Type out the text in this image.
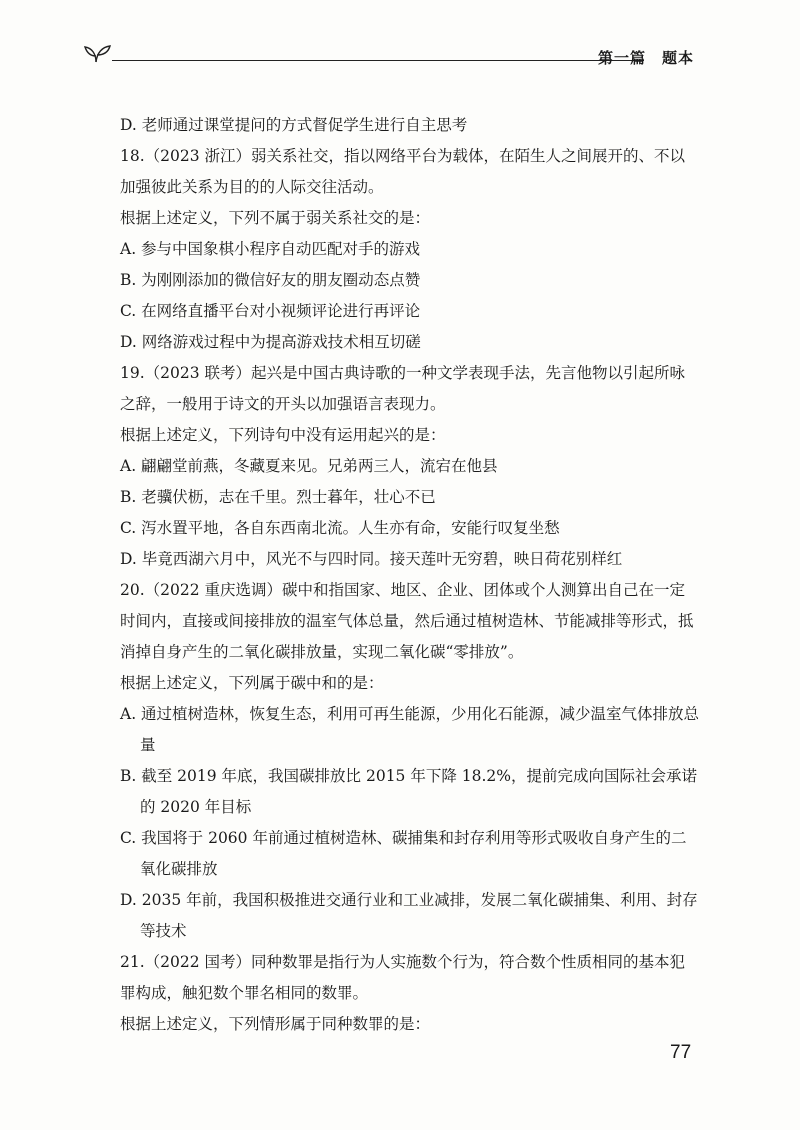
第一篇　题本
D. 老师通过课堂提问的方式督促学生进行自主思考
18.（2023 浙江）弱关系社交，指以网络平台为载体，在陌生人之间展开的、不以加强彼此关系为目的的人际交往活动。
根据上述定义，下列不属于弱关系社交的是：
A. 参与中国象棋小程序自动匹配对手的游戏
B. 为刚刚添加的微信好友的朋友圈动态点赞
C. 在网络直播平台对小视频评论进行再评论
D. 网络游戏过程中为提高游戏技术相互切磋
19.（2023 联考）起兴是中国古典诗歌的一种文学表现手法，先言他物以引起所咏之辞，一般用于诗文的开头以加强语言表现力。
根据上述定义，下列诗句中没有运用起兴的是：
A. 翩翩堂前燕，冬藏夏来见。兄弟两三人，流宕在他县
B. 老骥伏枥，志在千里。烈士暮年，壮心不已
C. 泻水置平地，各自东西南北流。人生亦有命，安能行叹复坐愁
D. 毕竟西湖六月中，风光不与四时同。接天莲叶无穷碧，映日荷花别样红
20.（2022 重庆选调）碳中和指国家、地区、企业、团体或个人测算出自己在一定时间内，直接或间接排放的温室气体总量，然后通过植树造林、节能减排等形式，抵消掉自身产生的二氧化碳排放量，实现二氧化碳“零排放”。
根据上述定义，下列属于碳中和的是：
A. 通过植树造林，恢复生态，利用可再生能源，少用化石能源，减少温室气体排放总量
B. 截至 2019 年底，我国碳排放比 2015 年下降 18.2%，提前完成向国际社会承诺的 2020 年目标
C. 我国将于 2060 年前通过植树造林、碳捕集和封存利用等形式吸收自身产生的二氧化碳排放
D. 2035 年前，我国积极推进交通行业和工业减排，发展二氧化碳捕集、利用、封存等技术
21.（2022 国考）同种数罪是指行为人实施数个行为，符合数个性质相同的基本犯罪构成，触犯数个罪名相同的数罪。
根据上述定义，下列情形属于同种数罪的是：
77
